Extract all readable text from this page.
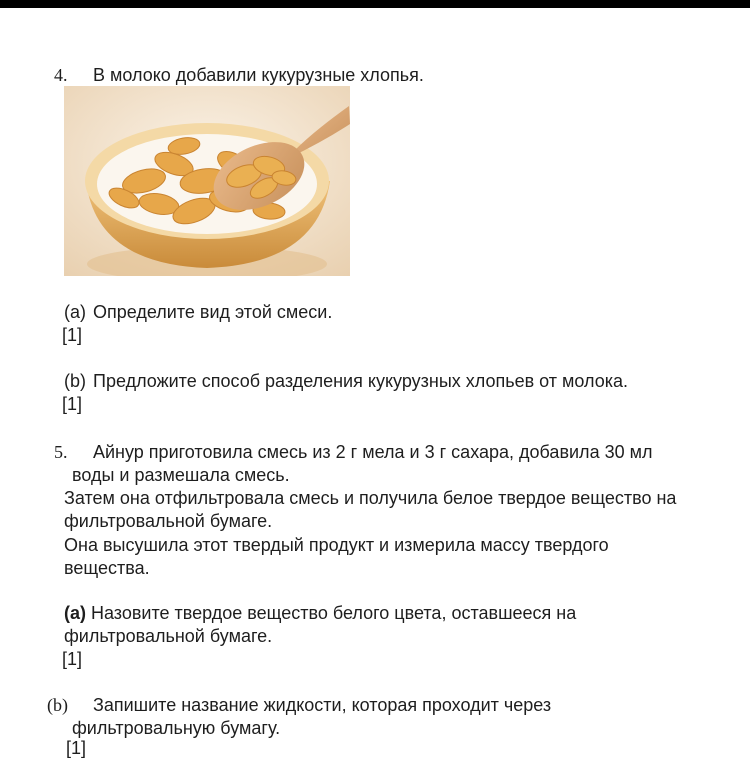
4. В молоко добавили кукурузные хлопья.
(a) Определите вид этой смеси.
[1]
(b) Предложите способ разделения кукурузных хлопьев от молока.
[1]
5. Айнур приготовила смесь из 2 г мела и 3 г сахара, добавила 30 мл
воды и размешала смесь.
Затем она отфильтровала смесь и получила белое твердое вещество на
фильтровальной бумаге.
Она высушила этот твердый продукт и измерила массу твердого
вещества.
(a) Назовите твердое вещество белого цвета, оставшееся на
фильтровальной бумаге.
[1]
(b) Запишите название жидкости, которая проходит через
фильтровальную бумагу.
[1]
